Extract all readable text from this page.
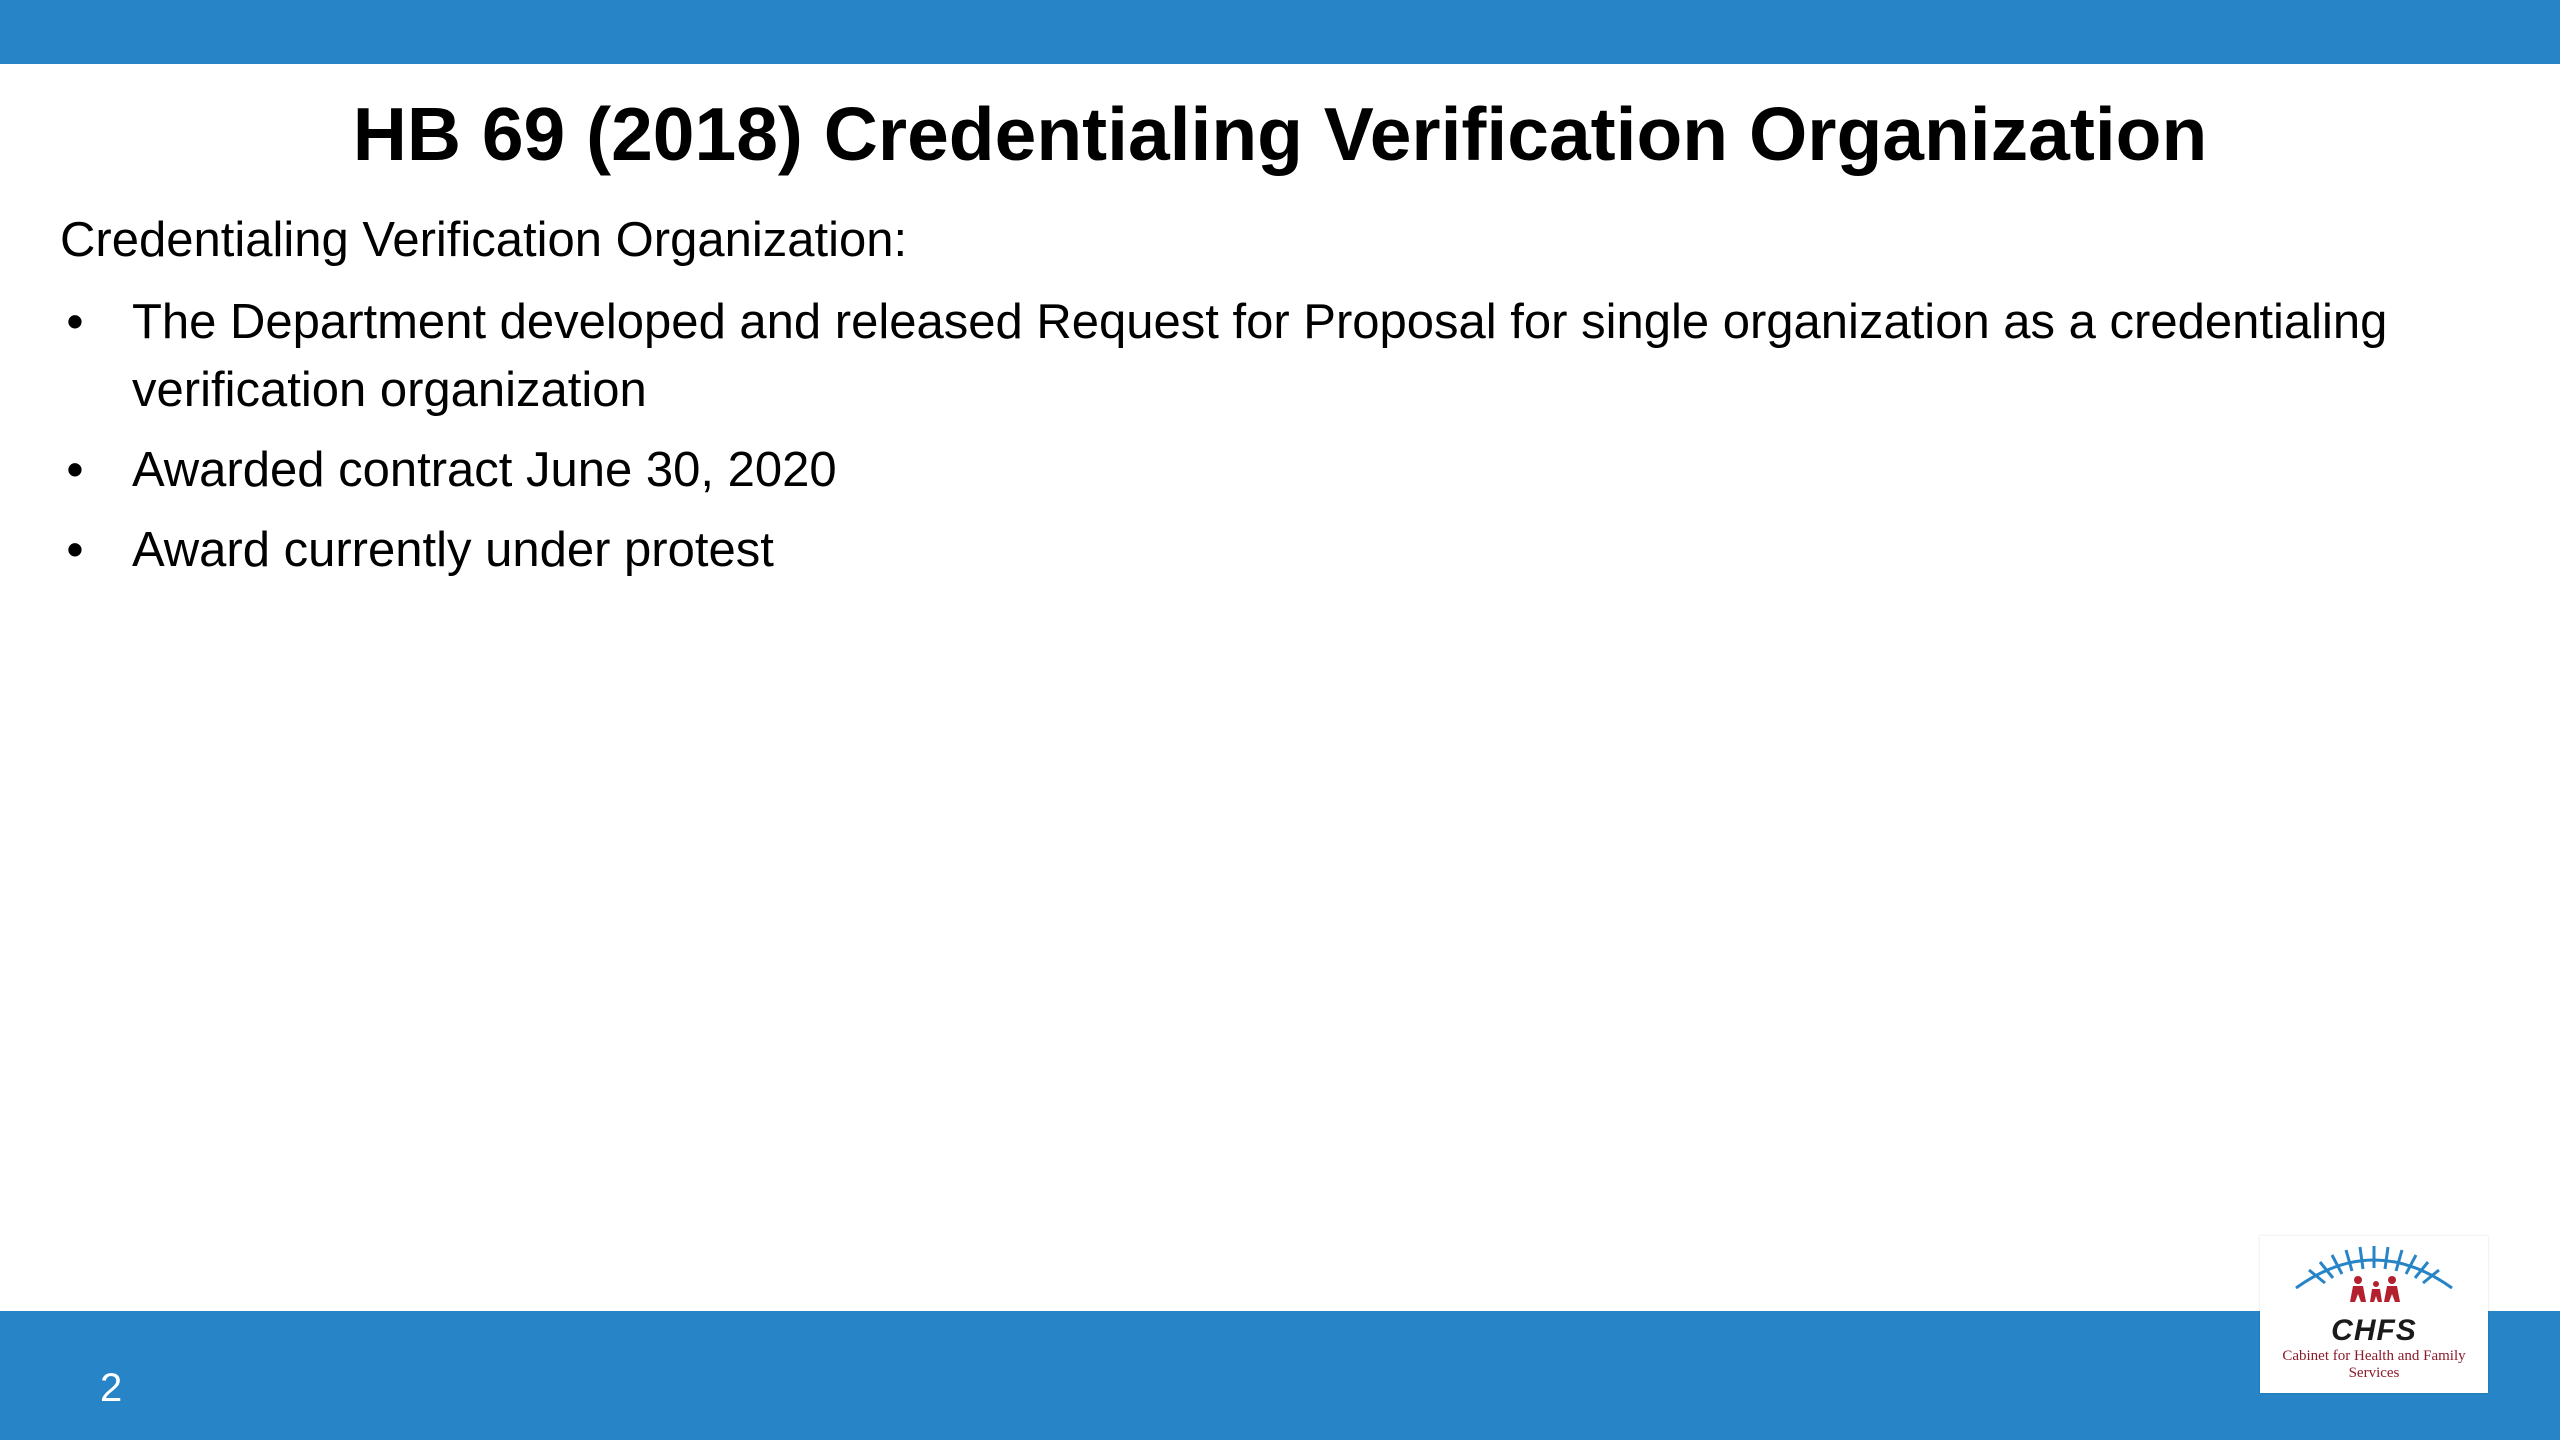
HB 69 (2018) Credentialing Verification Organization

Credentialing Verification Organization:

• The Department developed and released Request for Proposal for single organization as a credentialing verification organization
• Awarded contract June 30, 2020
• Award currently under protest
2
CHFS
Cabinet for Health and Family Services
